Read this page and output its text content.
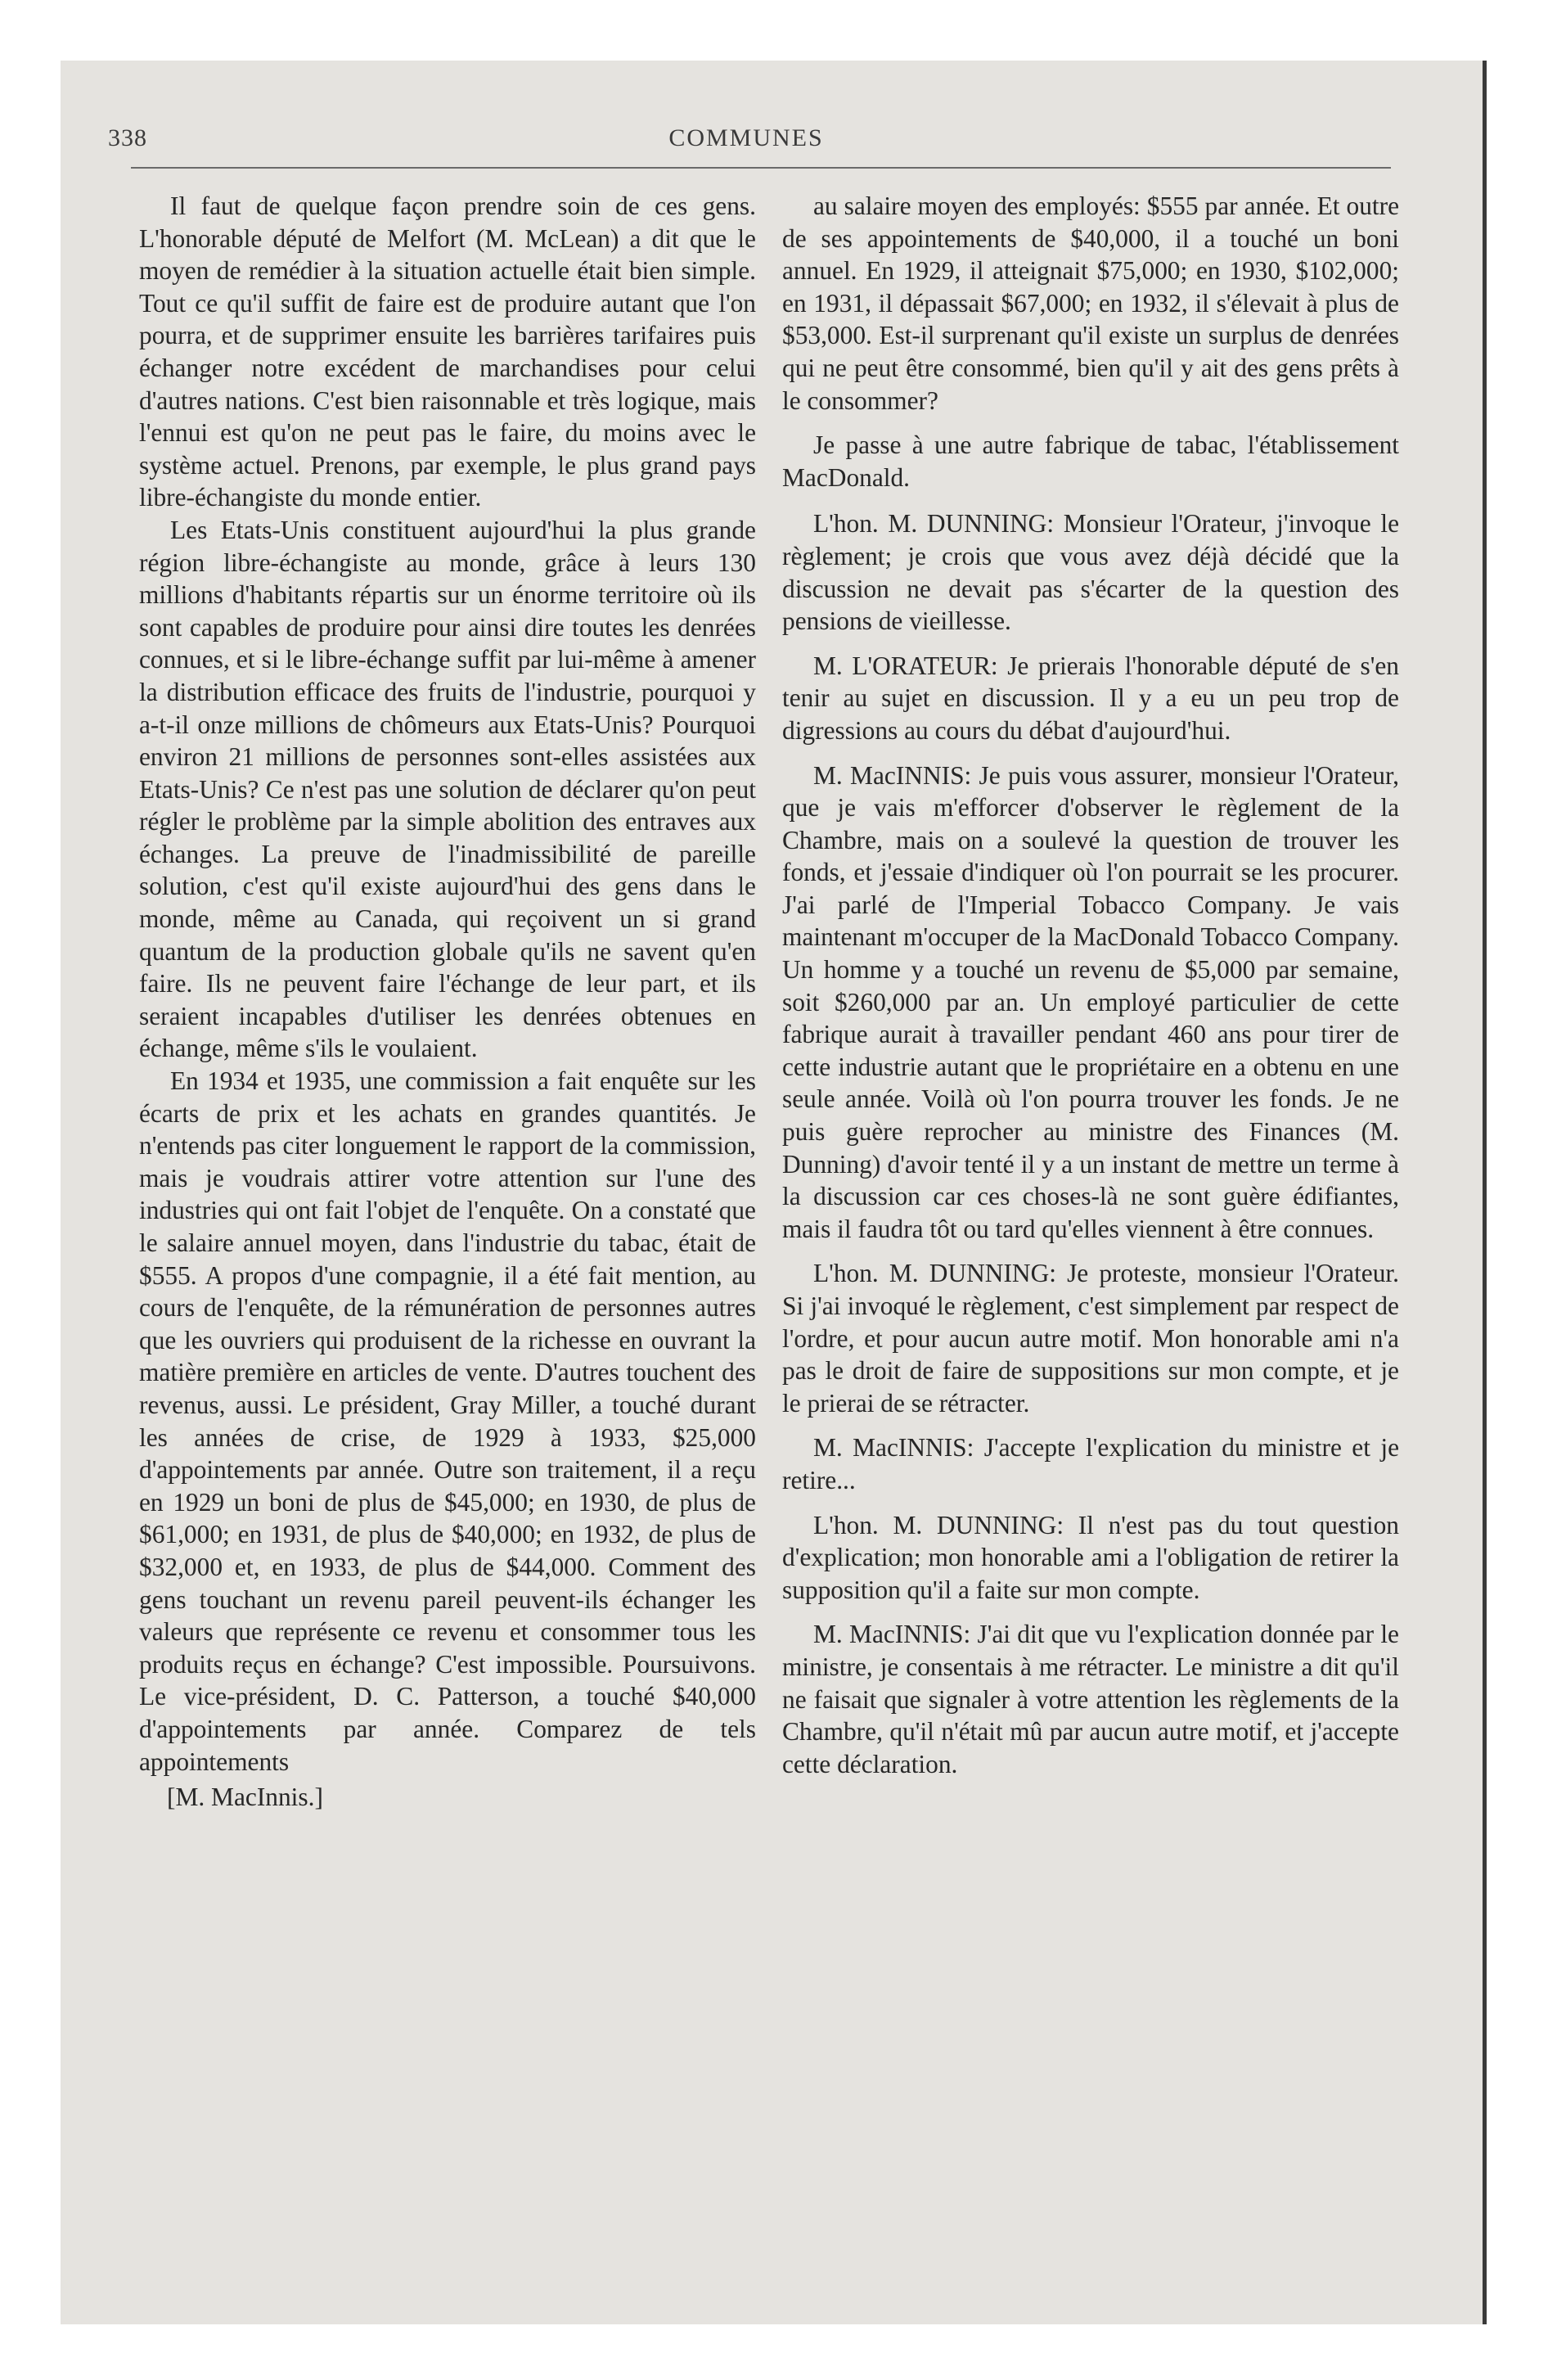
338	COMMUNES

Il faut de quelque façon prendre soin de ces gens. L'honorable député de Melfort (M. McLean) a dit que le moyen de remédier à la situation actuelle était bien simple. Tout ce qu'il suffit de faire est de produire autant que l'on pourra, et de supprimer ensuite les barrières tarifaires puis échanger notre excédent de marchandises pour celui d'autres nations. C'est bien raisonnable et très logique, mais l'ennui est qu'on ne peut pas le faire, du moins avec le système actuel. Prenons, par exemple, le plus grand pays libre-échangiste du monde entier.

Les Etats-Unis constituent aujourd'hui la plus grande région libre-échangiste au monde, grâce à leurs 130 millions d'habitants répartis sur un énorme territoire où ils sont capables de produire pour ainsi dire toutes les denrées connues, et si le libre-échange suffit par lui-même à amener la distribution efficace des fruits de l'industrie, pourquoi y a-t-il onze millions de chômeurs aux Etats-Unis? Pourquoi environ 21 millions de personnes sont-elles assistées aux Etats-Unis? Ce n'est pas une solution de déclarer qu'on peut régler le problème par la simple abolition des entraves aux échanges. La preuve de l'inadmissibilité de pareille solution, c'est qu'il existe aujourd'hui des gens dans le monde, même au Canada, qui reçoivent un si grand quantum de la production globale qu'ils ne savent qu'en faire. Ils ne peuvent faire l'échange de leur part, et ils seraient incapables d'utiliser les denrées obtenues en échange, même s'ils le voulaient.

En 1934 et 1935, une commission a fait enquête sur les écarts de prix et les achats en grandes quantités. Je n'entends pas citer longuement le rapport de la commission, mais je voudrais attirer votre attention sur l'une des industries qui ont fait l'objet de l'enquête. On a constaté que le salaire annuel moyen, dans l'industrie du tabac, était de $555. A propos d'une compagnie, il a été fait mention, au cours de l'enquête, de la rémunération de personnes autres que les ouvriers qui produisent de la richesse en ouvrant la matière première en articles de vente. D'autres touchent des revenus, aussi. Le président, Gray Miller, a touché durant les années de crise, de 1929 à 1933, $25,000 d'appointements par année. Outre son traitement, il a reçu en 1929 un boni de plus de $45,000; en 1930, de plus de $61,000; en 1931, de plus de $40,000; en 1932, de plus de $32,000 et, en 1933, de plus de $44,000. Comment des gens touchant un revenu pareil peuvent-ils échanger les valeurs que représente ce revenu et consommer tous les produits reçus en échange? C'est impossible. Poursuivons. Le vice-président, D. C. Patterson, a touché $40,000 d'appointements par année. Comparez de tels appointements

[M. MacInnis.]

au salaire moyen des employés: $555 par année. Et outre de ses appointements de $40,000, il a touché un boni annuel. En 1929, il atteignait $75,000; en 1930, $102,000; en 1931, il dépassait $67,000; en 1932, il s'élevait à plus de $53,000. Est-il surprenant qu'il existe un surplus de denrées qui ne peut être consommé, bien qu'il y ait des gens prêts à le consommer?

Je passe à une autre fabrique de tabac, l'établissement MacDonald.

L'hon. M. DUNNING: Monsieur l'Orateur, j'invoque le règlement; je crois que vous avez déjà décidé que la discussion ne devait pas s'écarter de la question des pensions de vieillesse.

M. L'ORATEUR: Je prierais l'honorable député de s'en tenir au sujet en discussion. Il y a eu un peu trop de digressions au cours du débat d'aujourd'hui.

M. MacINNIS: Je puis vous assurer, monsieur l'Orateur, que je vais m'efforcer d'observer le règlement de la Chambre, mais on a soulevé la question de trouver les fonds, et j'essaie d'indiquer où l'on pourrait se les procurer. J'ai parlé de l'Imperial Tobacco Company. Je vais maintenant m'occuper de la MacDonald Tobacco Company. Un homme y a touché un revenu de $5,000 par semaine, soit $260,000 par an. Un employé particulier de cette fabrique aurait à travailler pendant 460 ans pour tirer de cette industrie autant que le propriétaire en a obtenu en une seule année. Voilà où l'on pourra trouver les fonds. Je ne puis guère reprocher au ministre des Finances (M. Dunning) d'avoir tenté il y a un instant de mettre un terme à la discussion car ces choses-là ne sont guère édifiantes, mais il faudra tôt ou tard qu'elles viennent à être connues.

L'hon. M. DUNNING: Je proteste, monsieur l'Orateur. Si j'ai invoqué le règlement, c'est simplement par respect de l'ordre, et pour aucun autre motif. Mon honorable ami n'a pas le droit de faire de suppositions sur mon compte, et je le prierai de se rétracter.

M. MacINNIS: J'accepte l'explication du ministre et je retire...

L'hon. M. DUNNING: Il n'est pas du tout question d'explication; mon honorable ami a l'obligation de retirer la supposition qu'il a faite sur mon compte.

M. MacINNIS: J'ai dit que vu l'explication donnée par le ministre, je consentais à me rétracter. Le ministre a dit qu'il ne faisait que signaler à votre attention les règlements de la Chambre, qu'il n'était mû par aucun autre motif, et j'accepte cette déclaration.
